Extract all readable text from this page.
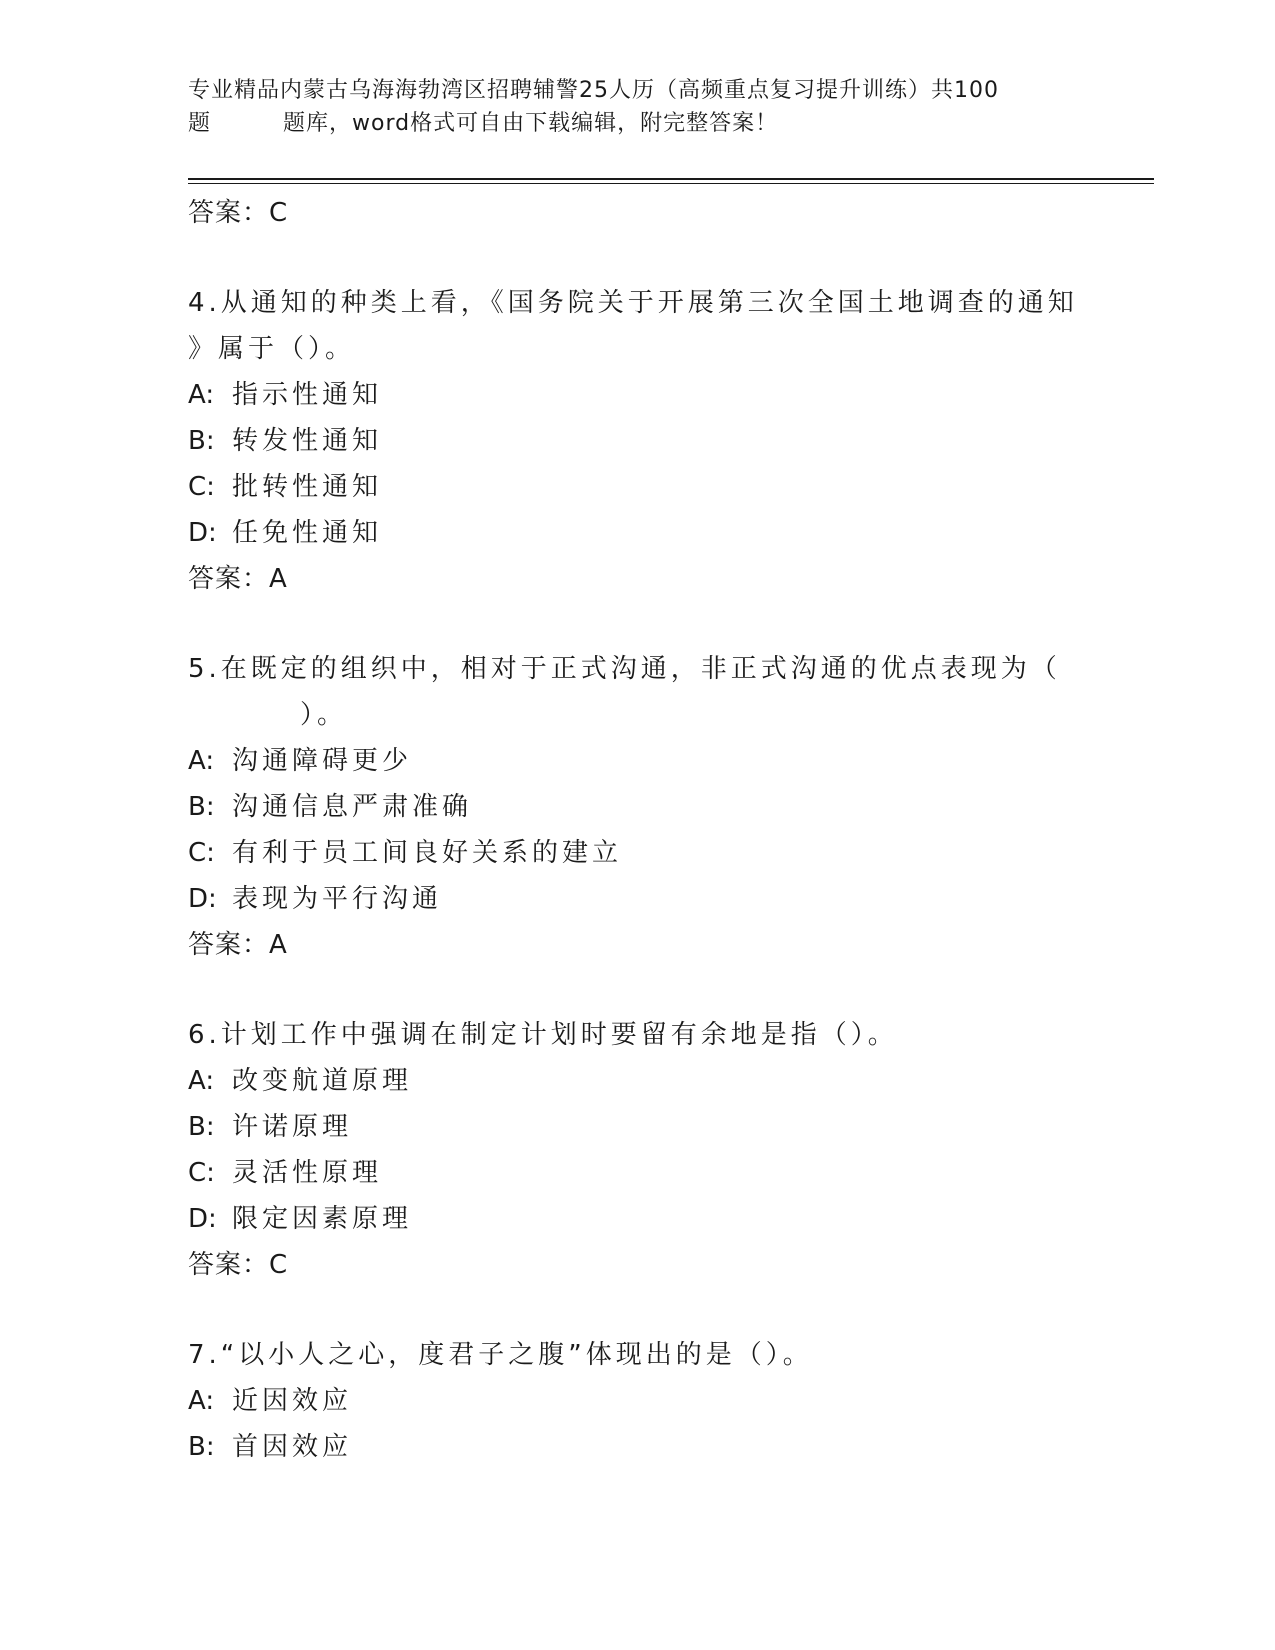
专业精品内蒙古乌海海勃湾区招聘辅警25人历（高频重点复习提升训练）共100
题	题库，word格式可自由下载编辑，附完整答案！
答案：C
4.从通知的种类上看，《国务院关于开展第三次全国土地调查的通知
》属于（）。
A: 指示性通知
B: 转发性通知
C: 批转性通知
D: 任免性通知
答案：A
5.在既定的组织中，相对于正式沟通，非正式沟通的优点表现为（
）。
A: 沟通障碍更少
B: 沟通信息严肃准确
C: 有利于员工间良好关系的建立
D: 表现为平行沟通
答案：A
6.计划工作中强调在制定计划时要留有余地是指（）。
A: 改变航道原理
B: 许诺原理
C: 灵活性原理
D: 限定因素原理
答案：C
7.“以小人之心，度君子之腹”体现出的是（）。
A: 近因效应
B: 首因效应
